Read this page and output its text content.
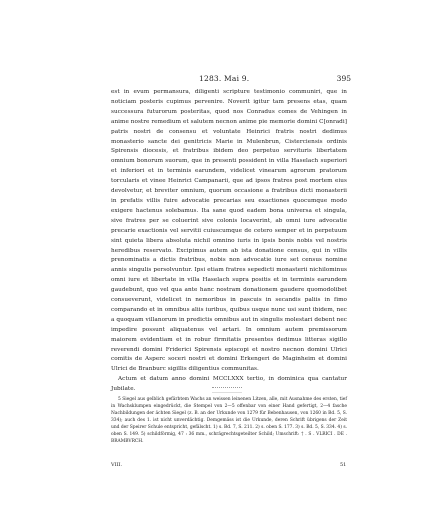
1283. Mai 9.	395

est in evum permansura, diligenti scripture testimonio communiri, que in noticiam posteris cupimus pervenire. Noverit igitur tam presens etas, quam successura futurorum posteritas, quod nos Conradus comes de Vehingen in anime nostre remedium et salutem necnon anime pie memorie domini C[onradi] patris nostri de consensu et voluntate Heinrici fratris nostri dedimus monasterio sancte dei genitricis Marie in Mulenbrun, Cisterciensis ordinis Spirensis diocesis, et fratribus ibidem deo perpetuo servituris libertatem omnium bonorum suorum, que in presenti possident in villa Haselach superiori et inferiori et in terminis earundem, videlicet vinearum agrorum pratorum torcularis et vinee Heinrici Campanarii, que ad ipsos fratres post mortem eius devolvetur, et breviter omnium, quorum occasione a fratribus dicti monasterii in prefatis villis fuire advocatie precarias seu exactiones quocumque modo exigere hactenus solebamus. Ita sane quod eadem bona universa et singula, sive fratres per se coluerint sive colonis locaverint, ab omni iure advocatie precarie exactionis vel servitii cuiuscumque de cetero semper et in perpetuum sint quieta libera absoluta nichil omnino iuris in ipsis bonis nobis vel nostris heredibus reservato. Excipimus autem ab ista donatione census, qui in villis prenominatis a dictis fratribus, nobis non advocatie iure set census nomine annis singulis persolvuntur. Ipsi etiam fratres sepedicti monasterii nichilominus omni iure et libertate in villa Haselach supra positis et in terminis earundem gaudebunt, quo vel qua ante hanc nostram donationem gaudere quomodolibet consueverunt, videlicet in nemoribus in pascuis in secandis paliis in fimo comparando et in omnibus aliis iuribus, quibus usque nunc usi sunt ibidem, nec a quoquam villanorum in predictis omnibus aut in singulis molestari debent nec impedire possunt aliquatenus vel artari. In omnium autem premissorum maiorem evidentiam et in robur firmitatis presentes dedimus litteras sigillo reverendi domini Friderici Spirensis episcopi et nostro necnon domini Ulrici comitis de Asperc soceri nostri et domini Erkengeri de Maginheim et domini Ulrici de Branburc sigillis diligentius communitas.

Actum et datum anno domini MCCLXXX tertio, in dominica qua cantatur Jubilate.

5 Siegel aus gelblich gefärbtem Wachs an weissen leinenen Litzen, alle, mit Ausnahme des ersten, tief in Wachsklumpen eingedrückt, die Stempel von 2—5 offenbar von einer Hand gefertigt, 2—4 fasche Nachbildungen der ächten Siegel (z. B. an der Urkunde von 1279 für Bebenhausen, von 1260 in Bd. 5, S. 334); auch des 1. ist nicht unverdächtig. Demgemäss ist die Urkunde, deren Schrift übrigens der Zeit und der Speirer Schule entspricht, gefälscht. 1) s. Bd. 7, S. 211. 2) s. oben S. 177. 3) s. Bd. 5, S. 334. 4) s. oben S. 149. 5) schildförmig, 47 : 36 mm., schrägrechtsgeteilter Schild; Umschrift: † . S . VLRICI . DE . BRAMBVRCH.

VIII.	51
